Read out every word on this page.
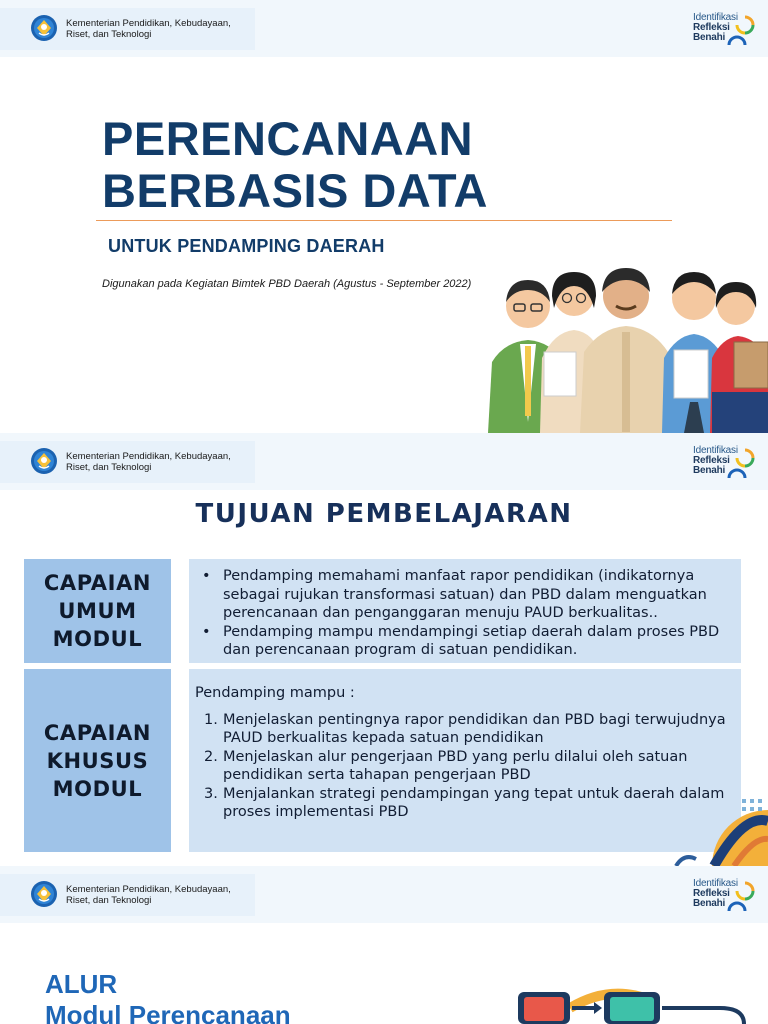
Kementerian Pendidikan, Kebudayaan,
Riset, dan Teknologi
Identifikasi
Refleksi
Benahi
PERENCANAAN
BERBASIS DATA
UNTUK PENDAMPING DAERAH
Digunakan pada Kegiatan Bimtek PBD Daerah (Agustus - September 2022)
Kementerian Pendidikan, Kebudayaan,
Riset, dan Teknologi
Identifikasi
Refleksi
Benahi
TUJUAN PEMBELAJARAN
CAPAIAN
UMUM
MODUL
• Pendamping memahami manfaat rapor pendidikan (indikatornya sebagai rujukan transformasi satuan) dan PBD dalam menguatkan perencanaan dan penganggaran menuju PAUD berkualitas..
• Pendamping mampu mendampingi setiap daerah dalam proses PBD dan perencanaan program di satuan pendidikan.
CAPAIAN
KHUSUS
MODUL
Pendamping mampu :
1. Menjelaskan pentingnya rapor pendidikan dan PBD bagi terwujudnya PAUD berkualitas kepada satuan pendidikan
2. Menjelaskan alur pengerjaan PBD yang perlu dilalui oleh satuan pendidikan serta tahapan pengerjaan PBD
3. Menjalankan strategi pendampingan yang tepat untuk daerah dalam proses implementasi PBD
Kementerian Pendidikan, Kebudayaan,
Riset, dan Teknologi
Identifikasi
Refleksi
Benahi
ALUR
Modul Perencanaan
